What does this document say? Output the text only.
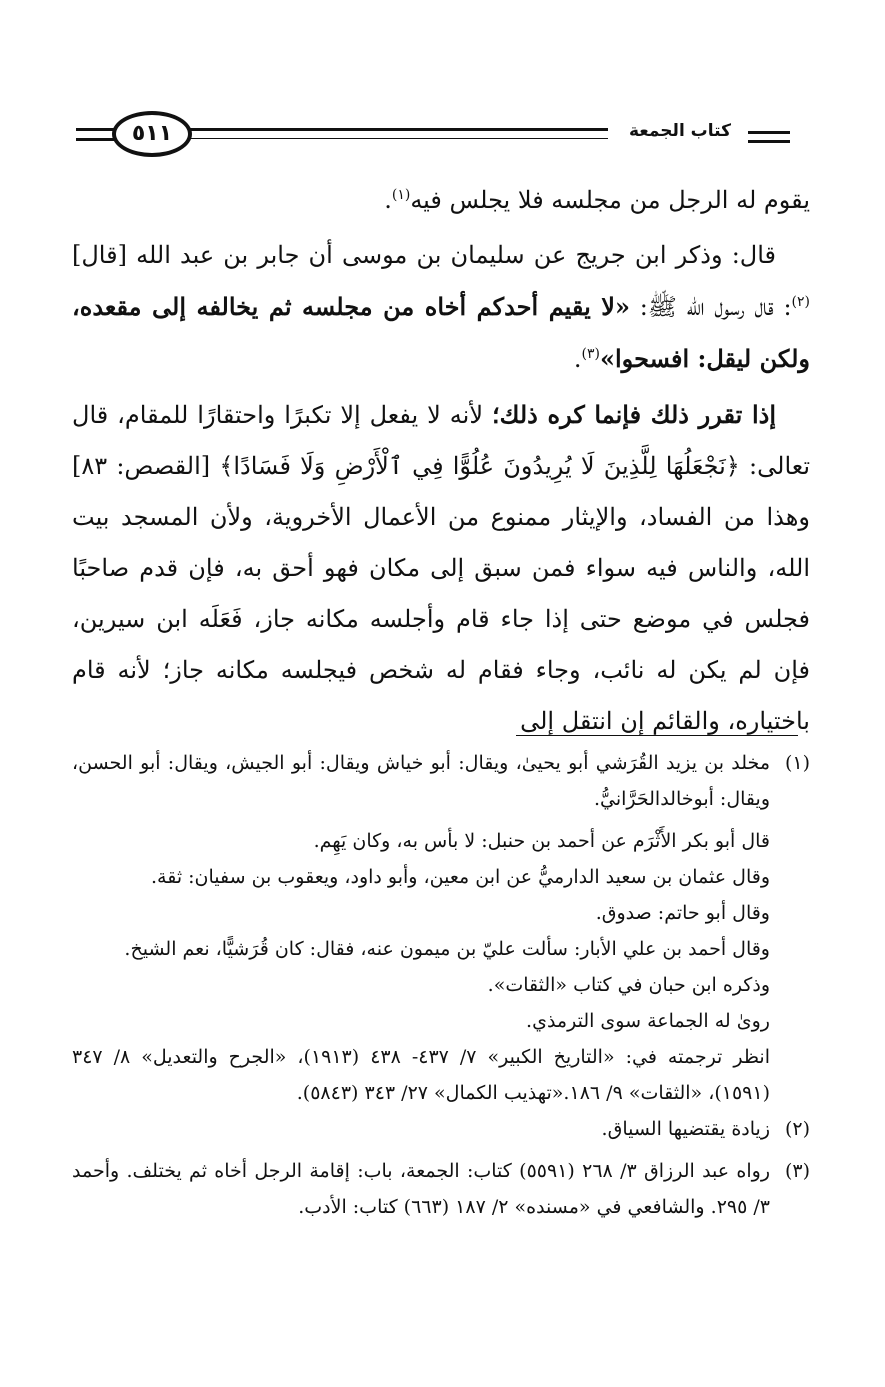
٥١١	كتاب الجمعة

يقوم له الرجل من مجلسه فلا يجلس فيه$^{(١)}$.

قال: وذكر ابن جريج عن سليمان بن موسى أن جابر بن عبد الله [قال]$^{(٢)}$: قال رسول الله ﷺ: «لا يقيم أحدكم أخاه من مجلسه ثم يخالفه إلى مقعده، ولكن ليقل: افسحوا»$^{(٣)}$.

إذا تقرر ذلك فإنما كره ذلك؛ لأنه لا يفعل إلا تكبرًا واحتقارًا للمقام، قال تعالى: ﴿نَجْعَلُهَا لِلَّذِينَ لَا يُرِيدُونَ عُلُوًّا فِي ٱلْأَرْضِ وَلَا فَسَادًا﴾ [القصص: ٨٣] وهذا من الفساد، والإيثار ممنوع من الأعمال الأخروية، ولأن المسجد بيت الله، والناس فيه سواء فمن سبق إلى مكان فهو أحق به، فإن قدم صاحبًا فجلس في موضع حتى إذا جاء قام وأجلسه مكانه جاز، فَعَلَه ابن سيرين، فإن لم يكن له نائب، وجاء فقام له شخص فيجلسه مكانه جاز؛ لأنه قام باختياره، والقائم إن انتقل إلى

(١)
مخلد بن يزيد القُرَشي أبو يحيىٰ، ويقال: أبو خياش ويقال: أبو الجيش، ويقال: أبو الحسن، ويقال: أبوخالدالحَرَّانيُّ.
قال أبو بكر الأَثْرَم عن أحمد بن حنبل: لا بأس به، وكان يَهِم.
وقال عثمان بن سعيد الدارميُّ عن ابن معين، وأبو داود، ويعقوب بن سفيان: ثقة.
وقال أبو حاتم: صدوق.
وقال أحمد بن علي الأبار: سألت عليّ بن ميمون عنه، فقال: كان قُرَشيًّا، نعم الشيخ.
وذكره ابن حبان في كتاب «الثقات».
رویٰ له الجماعة سوى الترمذي.
انظر ترجمته في: «التاريخ الكبير» ٧/ ٤٣٧- ٤٣٨ (١٩١٣)، «الجرح والتعديل» ٨/ ٣٤٧ (١٥٩١)، «الثقات» ٩/ ١٨٦.«تهذيب الكمال» ٢٧/ ٣٤٣ (٥٨٤٣).
(٢)
زيادة يقتضيها السياق.
(٣)
رواه عبد الرزاق ٣/ ٢٦٨ (٥٥٩١) كتاب: الجمعة، باب: إقامة الرجل أخاه ثم يختلف. وأحمد ٣/ ٢٩٥. والشافعي في «مسنده» ٢/ ١٨٧ (٦٦٣) كتاب: الأدب.
